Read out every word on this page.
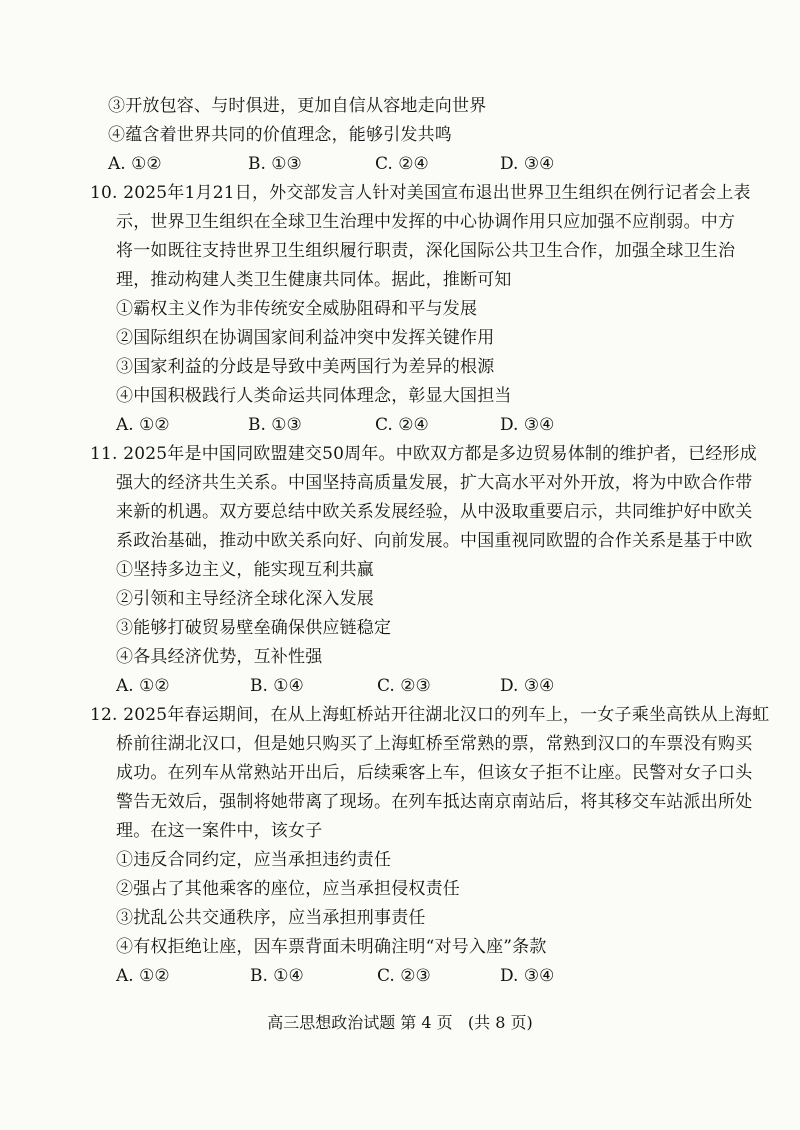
③开放包容、与时俱进，更加自信从容地走向世界
④蕴含着世界共同的价值理念，能够引发共鸣
A. ①②	B. ①③	C. ②④	D. ③④
10. 2025年1月21日，外交部发言人针对美国宣布退出世界卫生组织在例行记者会上表
示，世界卫生组织在全球卫生治理中发挥的中心协调作用只应加强不应削弱。中方
将一如既往支持世界卫生组织履行职责，深化国际公共卫生合作，加强全球卫生治
理，推动构建人类卫生健康共同体。据此，推断可知
①霸权主义作为非传统安全威胁阻碍和平与发展
②国际组织在协调国家间利益冲突中发挥关键作用
③国家利益的分歧是导致中美两国行为差异的根源
④中国积极践行人类命运共同体理念，彰显大国担当
A. ①②	B. ①③	C. ②④	D. ③④
11. 2025年是中国同欧盟建交50周年。中欧双方都是多边贸易体制的维护者，已经形成
强大的经济共生关系。中国坚持高质量发展，扩大高水平对外开放，将为中欧合作带
来新的机遇。双方要总结中欧关系发展经验，从中汲取重要启示，共同维护好中欧关
系政治基础，推动中欧关系向好、向前发展。中国重视同欧盟的合作关系是基于中欧
①坚持多边主义，能实现互利共赢
②引领和主导经济全球化深入发展
③能够打破贸易壁垒确保供应链稳定
④各具经济优势，互补性强
A. ①②	B. ①④	C. ②③	D. ③④
12. 2025年春运期间，在从上海虹桥站开往湖北汉口的列车上，一女子乘坐高铁从上海虹
桥前往湖北汉口，但是她只购买了上海虹桥至常熟的票，常熟到汉口的车票没有购买
成功。在列车从常熟站开出后，后续乘客上车，但该女子拒不让座。民警对女子口头
警告无效后，强制将她带离了现场。在列车抵达南京南站后，将其移交车站派出所处
理。在这一案件中，该女子
①违反合同约定，应当承担违约责任
②强占了其他乘客的座位，应当承担侵权责任
③扰乱公共交通秩序，应当承担刑事责任
④有权拒绝让座，因车票背面未明确注明“对号入座”条款
A. ①②	B. ①④	C. ②③	D. ③④
高三思想政治试题 第 4 页   (共 8 页)
